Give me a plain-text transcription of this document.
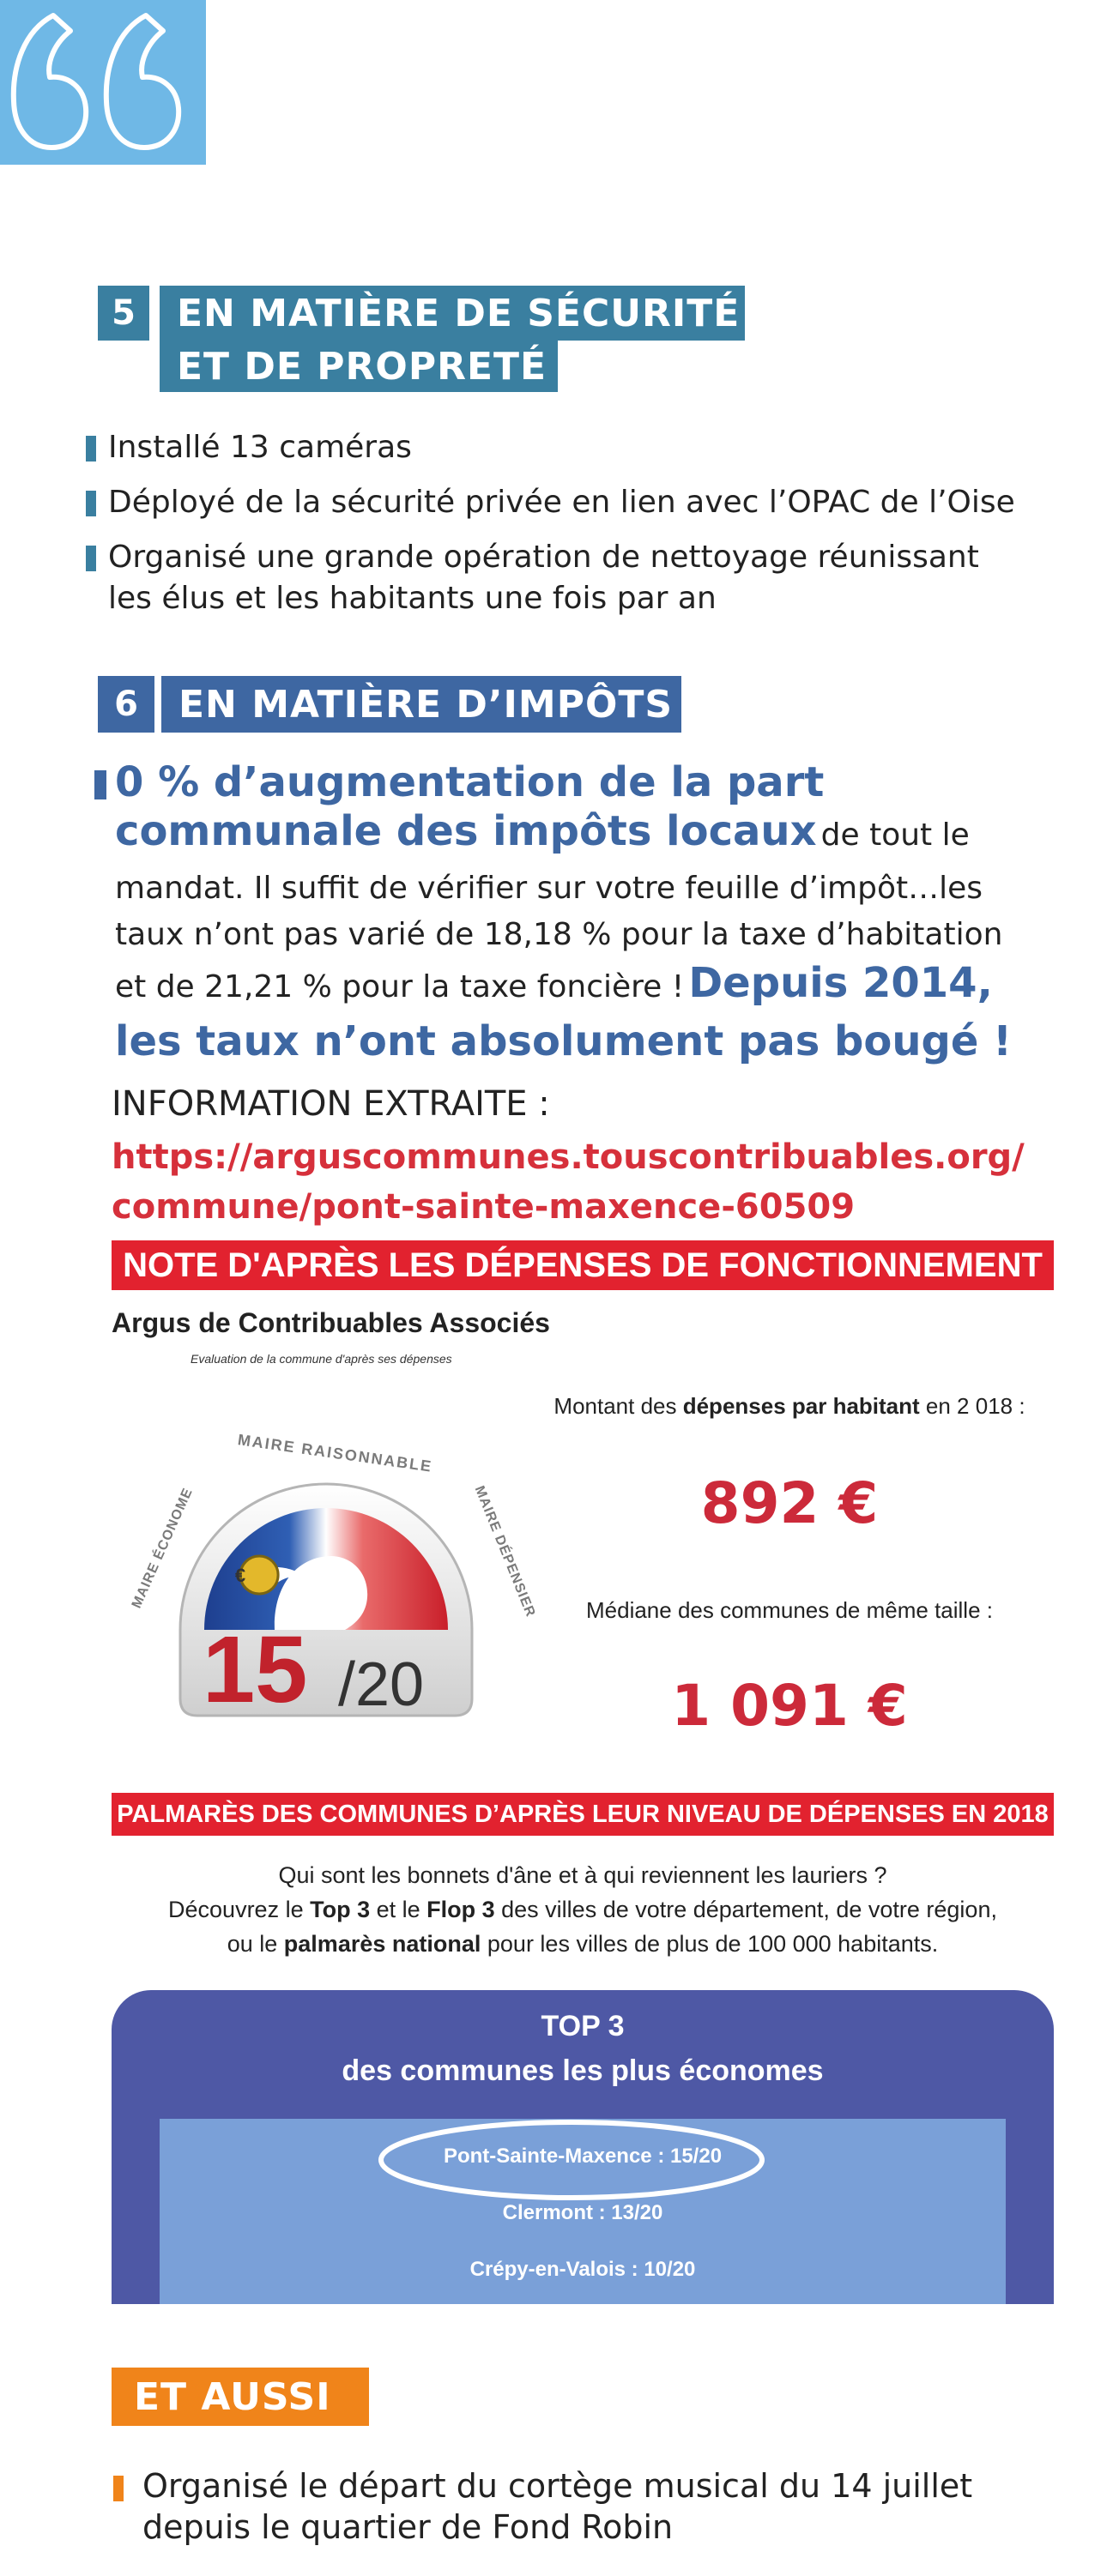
5	EN MATIÈRE DE SÉCURITÉ
ET DE PROPRETÉ
Installé 13 caméras
Déployé de la sécurité privée en lien avec l’OPAC de l’Oise
Organisé une grande opération de nettoyage réunissant
les élus et les habitants une fois par an
6	EN MATIÈRE D’IMPÔTS
0 % d’augmentation de la part
communale des impôts locaux de tout le
mandat. Il suffit de vérifier sur votre feuille d’impôt…les
taux n’ont pas varié de 18,18 % pour la taxe d’habitation
et de 21,21 % pour la taxe foncière ! Depuis 2014,
les taux n’ont absolument pas bougé !
INFORMATION EXTRAITE :
https://arguscommunes.touscontribuables.org/
commune/pont-sainte-maxence-60509
NOTE D'APRÈS LES DÉPENSES DE FONCTIONNEMENT
Argus de Contribuables Associés
Evaluation de la commune d'après ses dépenses
€
MAIRE RAISONNABLE
MAIRE ÉCONOME	MAIRE DÉPENSIER
15 /20
Montant des dépenses par habitant en 2 018 :
892 €
Médiane des communes de même taille :
1 091 €
PALMARÈS DES COMMUNES D’APRÈS LEUR NIVEAU DE DÉPENSES EN 2018
Qui sont les bonnets d'âne et à qui reviennent les lauriers ?
Découvrez le Top 3 et le Flop 3 des villes de votre département, de votre région,
ou le palmarès national pour les villes de plus de 100 000 habitants.
TOP 3
des communes les plus économes
Pont-Sainte-Maxence : 15/20
Clermont : 13/20
Crépy-en-Valois : 10/20
ET AUSSI
Organisé le départ du cortège musical du 14 juillet
depuis le quartier de Fond Robin
